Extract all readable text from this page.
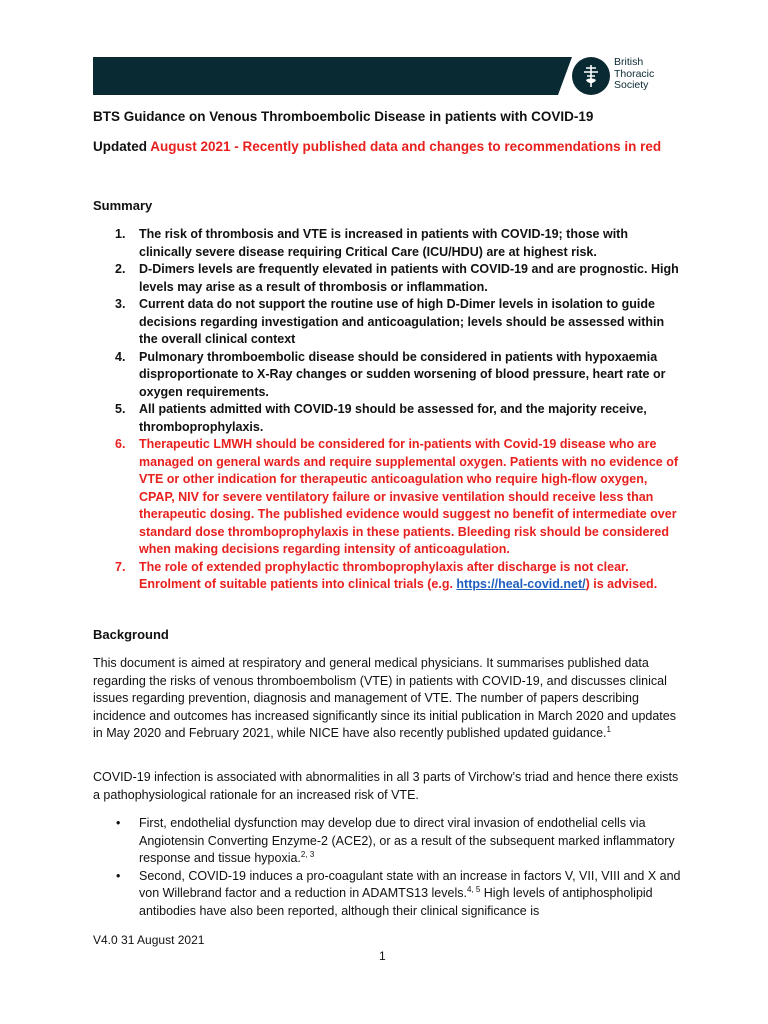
British
Thoracic
Society
BTS Guidance on Venous Thromboembolic Disease in patients with COVID-19
Updated August 2021 - Recently published data and changes to recommendations in red
Summary
1. The risk of thrombosis and VTE is increased in patients with COVID-19; those with clinically severe disease requiring Critical Care (ICU/HDU) are at highest risk.
2. D-Dimers levels are frequently elevated in patients with COVID-19 and are prognostic. High levels may arise as a result of thrombosis or inflammation.
3. Current data do not support the routine use of high D-Dimer levels in isolation to guide decisions regarding investigation and anticoagulation; levels should be assessed within the overall clinical context
4. Pulmonary thromboembolic disease should be considered in patients with hypoxaemia disproportionate to X-Ray changes or sudden worsening of blood pressure, heart rate or oxygen requirements.
5. All patients admitted with COVID-19 should be assessed for, and the majority receive, thromboprophylaxis.
6. Therapeutic LMWH should be considered for in-patients with Covid-19 disease who are managed on general wards and require supplemental oxygen. Patients with no evidence of VTE or other indication for therapeutic anticoagulation who require high-flow oxygen, CPAP, NIV for severe ventilatory failure or invasive ventilation should receive less than therapeutic dosing. The published evidence would suggest no benefit of intermediate over standard dose thromboprophylaxis in these patients. Bleeding risk should be considered when making decisions regarding intensity of anticoagulation.
7. The role of extended prophylactic thromboprophylaxis after discharge is not clear. Enrolment of suitable patients into clinical trials (e.g. https://heal-covid.net/) is advised.
Background
This document is aimed at respiratory and general medical physicians. It summarises published data regarding the risks of venous thromboembolism (VTE) in patients with COVID-19, and discusses clinical issues regarding prevention, diagnosis and management of VTE. The number of papers describing incidence and outcomes has increased significantly since its initial publication in March 2020 and updates in May 2020 and February 2021, while NICE have also recently published updated guidance.$^1$
COVID-19 infection is associated with abnormalities in all 3 parts of Virchow’s triad and hence there exists a pathophysiological rationale for an increased risk of VTE.
• First, endothelial dysfunction may develop due to direct viral invasion of endothelial cells via Angiotensin Converting Enzyme-2 (ACE2), or as a result of the subsequent marked inflammatory response and tissue hypoxia.$^{2, 3}$
• Second, COVID-19 induces a pro-coagulant state with an increase in factors V, VII, VIII and X and von Willebrand factor and a reduction in ADAMTS13 levels.$^{4, 5}$ High levels of antiphospholipid antibodies have also been reported, although their clinical significance is
V4.0 31 August 2021
1
